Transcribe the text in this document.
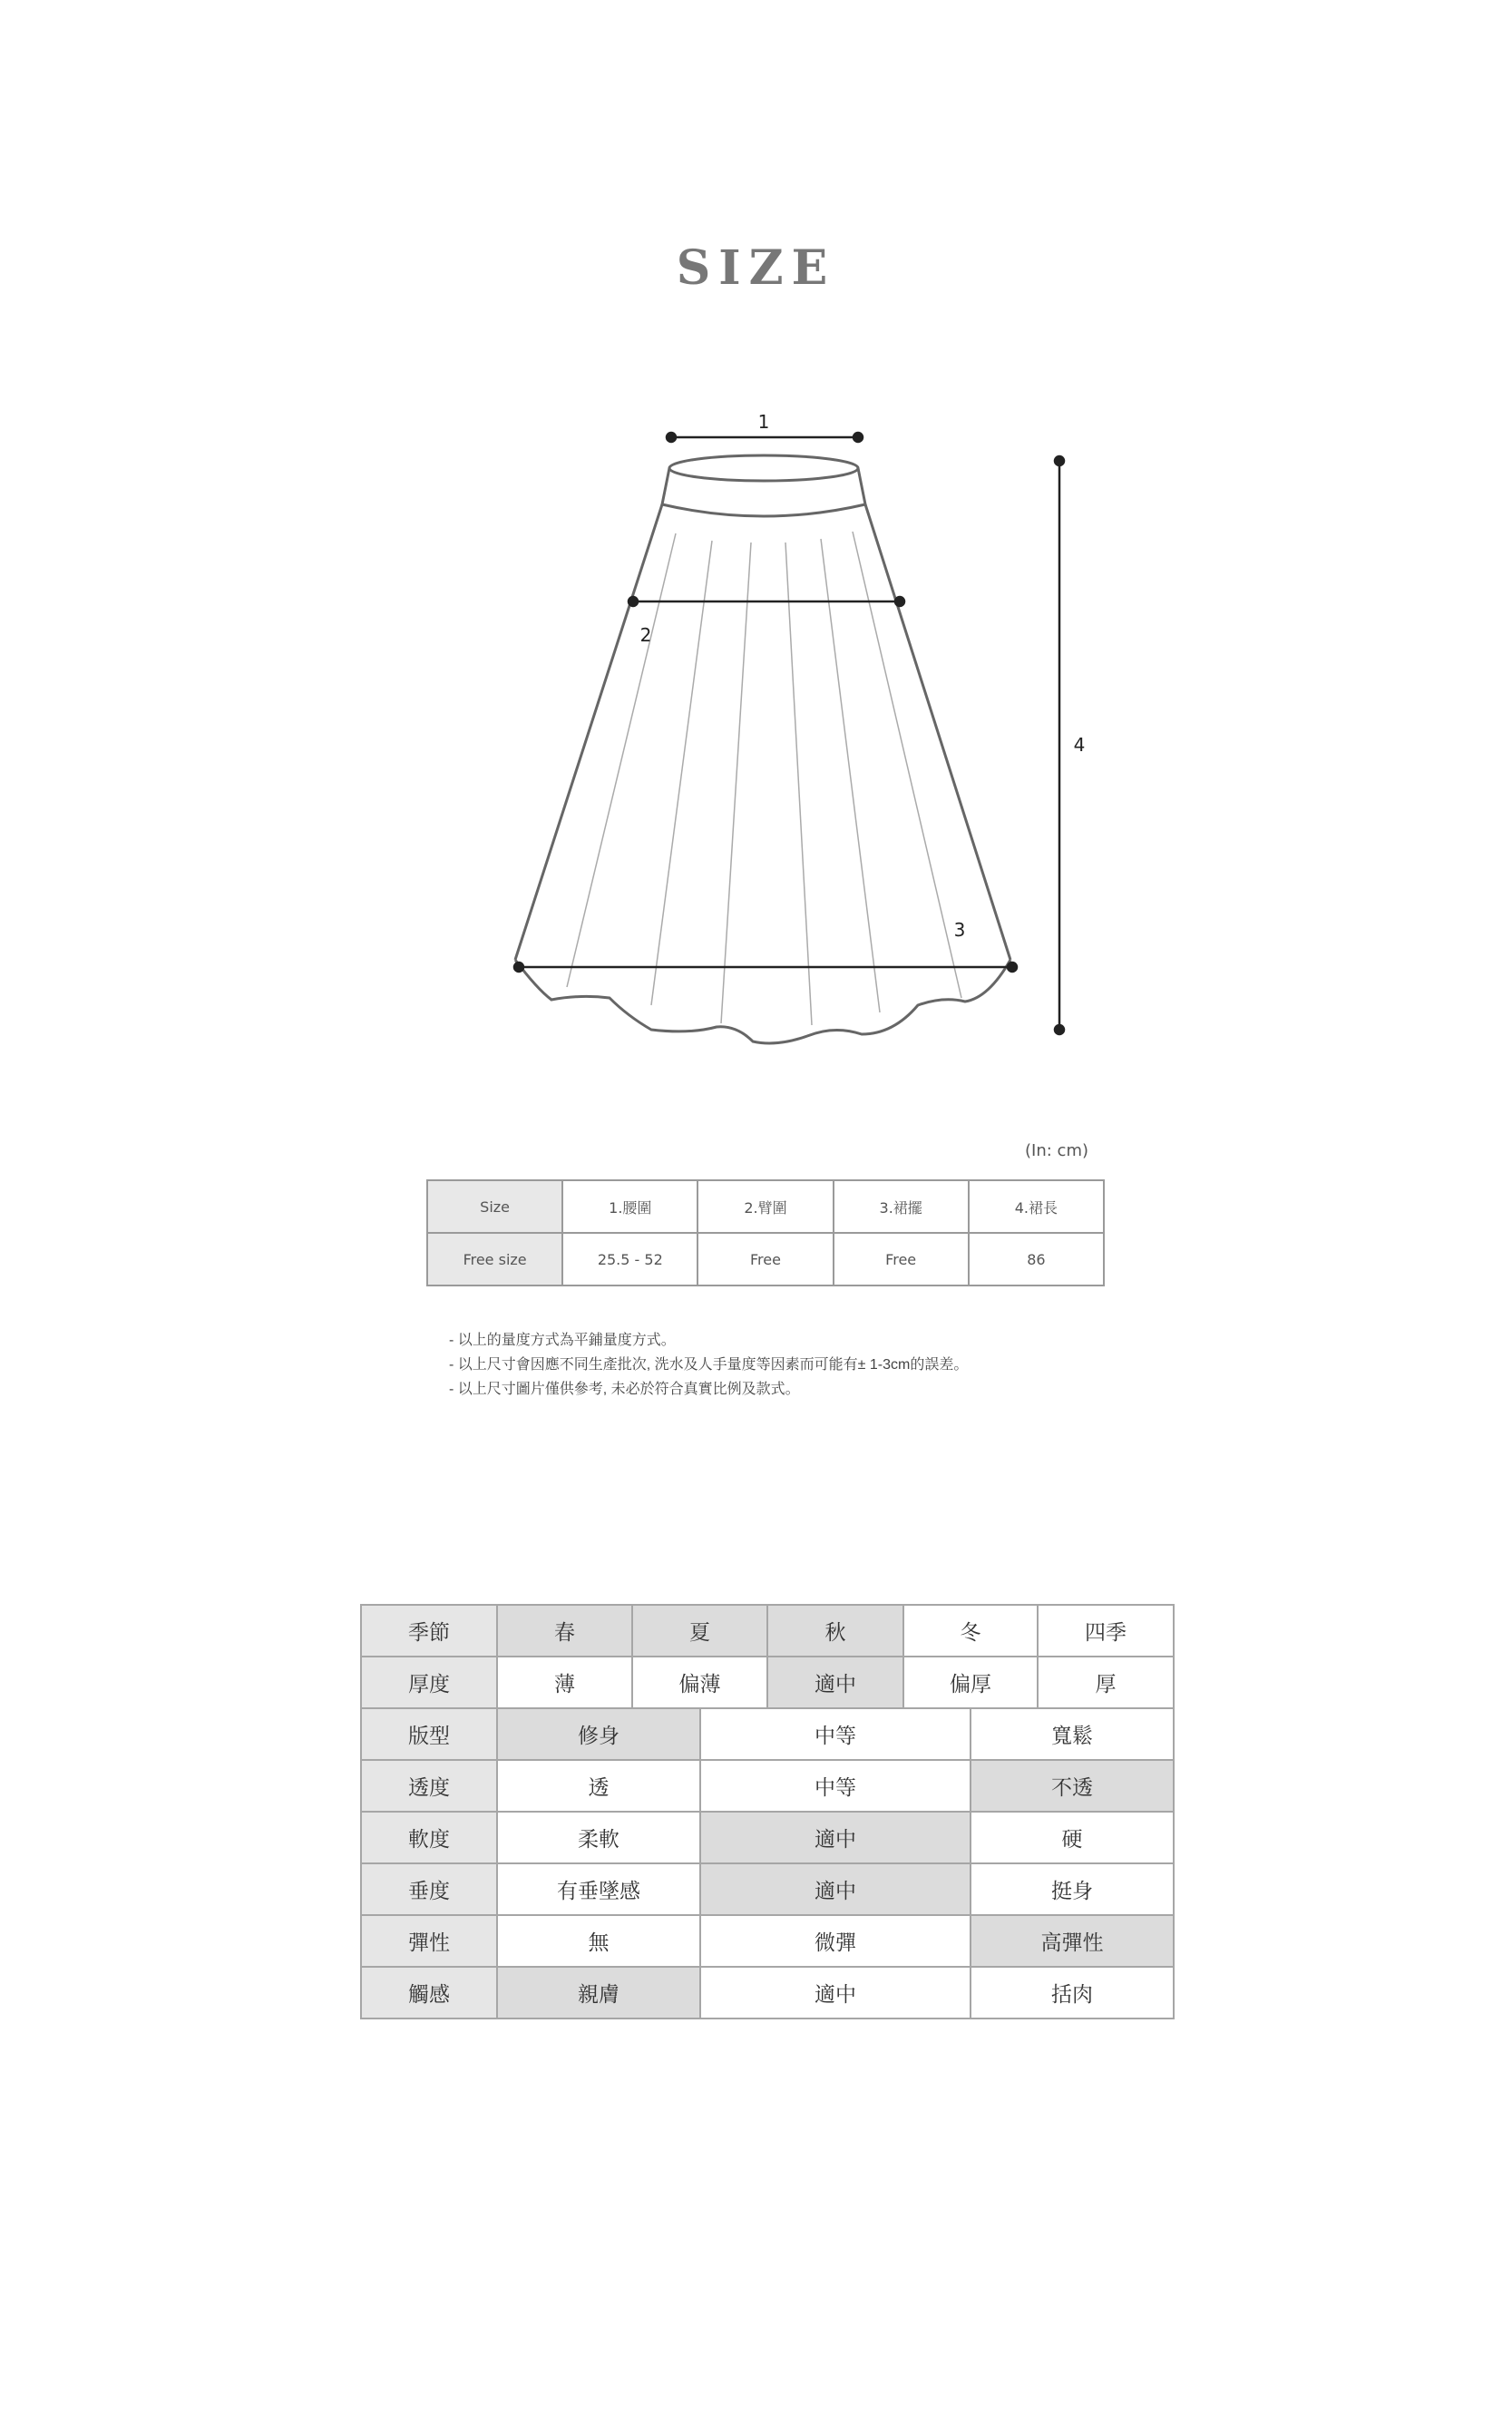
SIZE
1
2
3
4
(In: cm)
Size	1.腰圍	2.臂圍	3.裙擺	4.裙長
Free size	25.5 - 52	Free	Free	86
- 以上的量度方式為平鋪量度方式。
- 以上尺寸會因應不同生產批次, 洗水及人手量度等因素而可能有± 1-3cm的誤差。
- 以上尺寸圖片僅供參考, 未必於符合真實比例及款式。
季節	春	夏		秋	冬		四季
厚度	薄	偏薄		適中	偏厚		厚
版型	修身		中等			寬鬆	
透度	透		中等			不透	
軟度	柔軟		適中			硬	
垂度	有垂墜感		適中			挺身	
彈性	無		微彈			高彈性	
觸感	親膚		適中			括肉	
